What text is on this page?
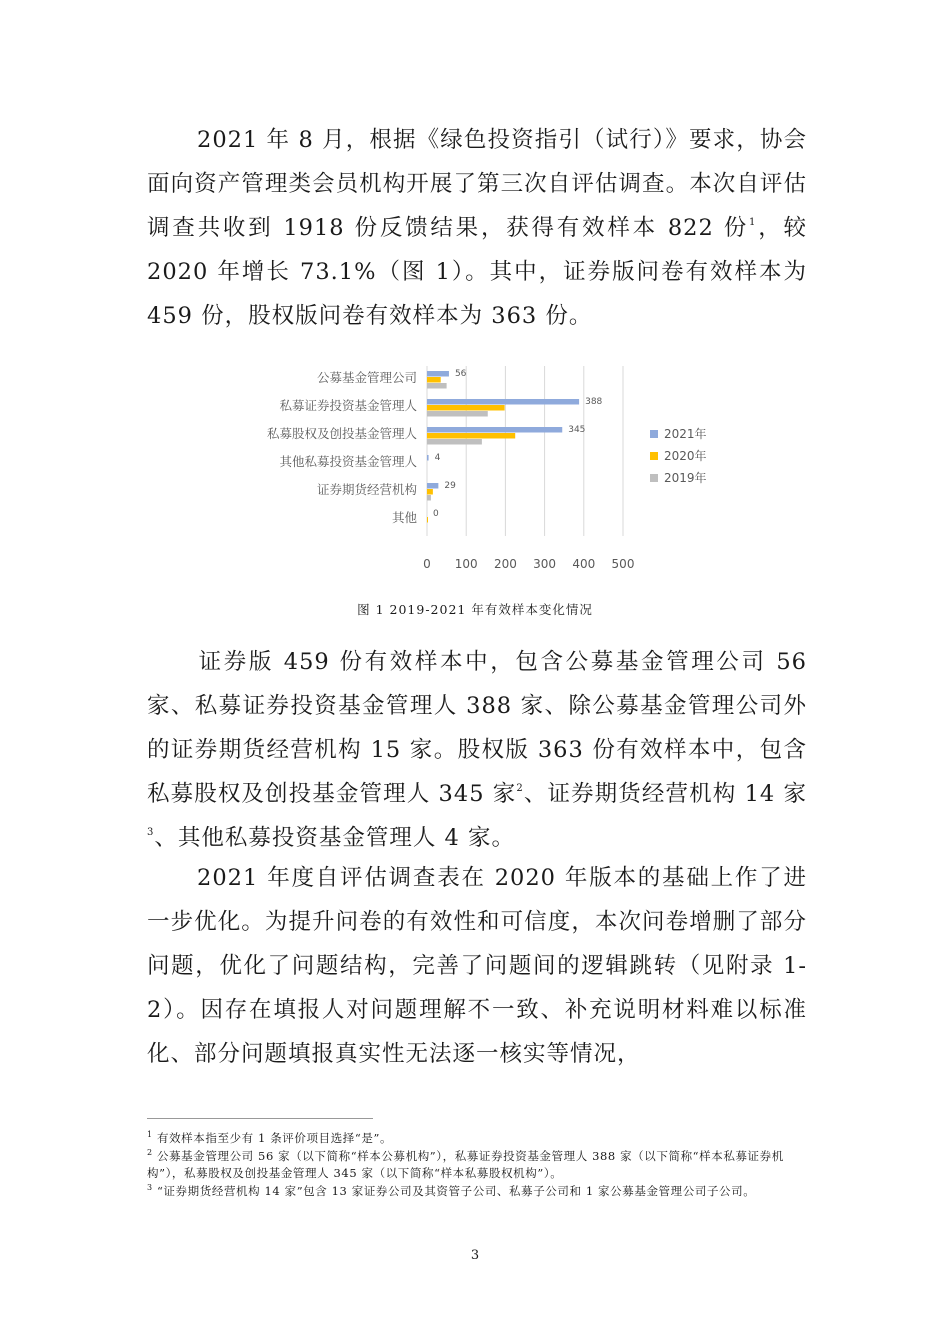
2021 年 8 月，根据《绿色投资指引（试行）》要求，协会面向资产管理类会员机构开展了第三次自评估调查。本次自评估调查共收到 1918 份反馈结果，获得有效样本 822 份$^1$，较 2020 年增长 73.1%（图 1）。其中，证券版问卷有效样本为 459 份，股权版问卷有效样本为 363 份。

56
388
345
4
29
0
公募基金管理公司
私募证券投资基金管理人
私募股权及创投基金管理人
其他私募投资基金管理人
证券期货经营机构
其他
0 100 200 300 400 500
2021年
2020年
2019年
图 1 2019-2021 年有效样本变化情况

证券版 459 份有效样本中，包含公募基金管理公司 56 家、私募证券投资基金管理人 388 家、除公募基金管理公司外的证券期货经营机构 15 家。股权版 363 份有效样本中，包含私募股权及创投基金管理人 345 家$^2$、证券期货经营机构 14 家$^3$、其他私募投资基金管理人 4 家。

2021 年度自评估调查表在 2020 年版本的基础上作了进一步优化。为提升问卷的有效性和可信度，本次问卷增删了部分问题，优化了问题结构，完善了问题间的逻辑跳转（见附录 1-2）。因存在填报人对问题理解不一致、补充说明材料难以标准化、部分问题填报真实性无法逐一核实等情况，

$^1$ 有效样本指至少有 1 条评价项目选择“是”。

$^2$ 公募基金管理公司 56 家（以下简称“样本公募机构”），私募证券投资基金管理人 388 家（以下简称“样本私募证券机构”），私募股权及创投基金管理人 345 家（以下简称“样本私募股权机构”）。

$^3$ “证券期货经营机构 14 家”包含 13 家证券公司及其资管子公司、私募子公司和 1 家公募基金管理公司子公司。

3
